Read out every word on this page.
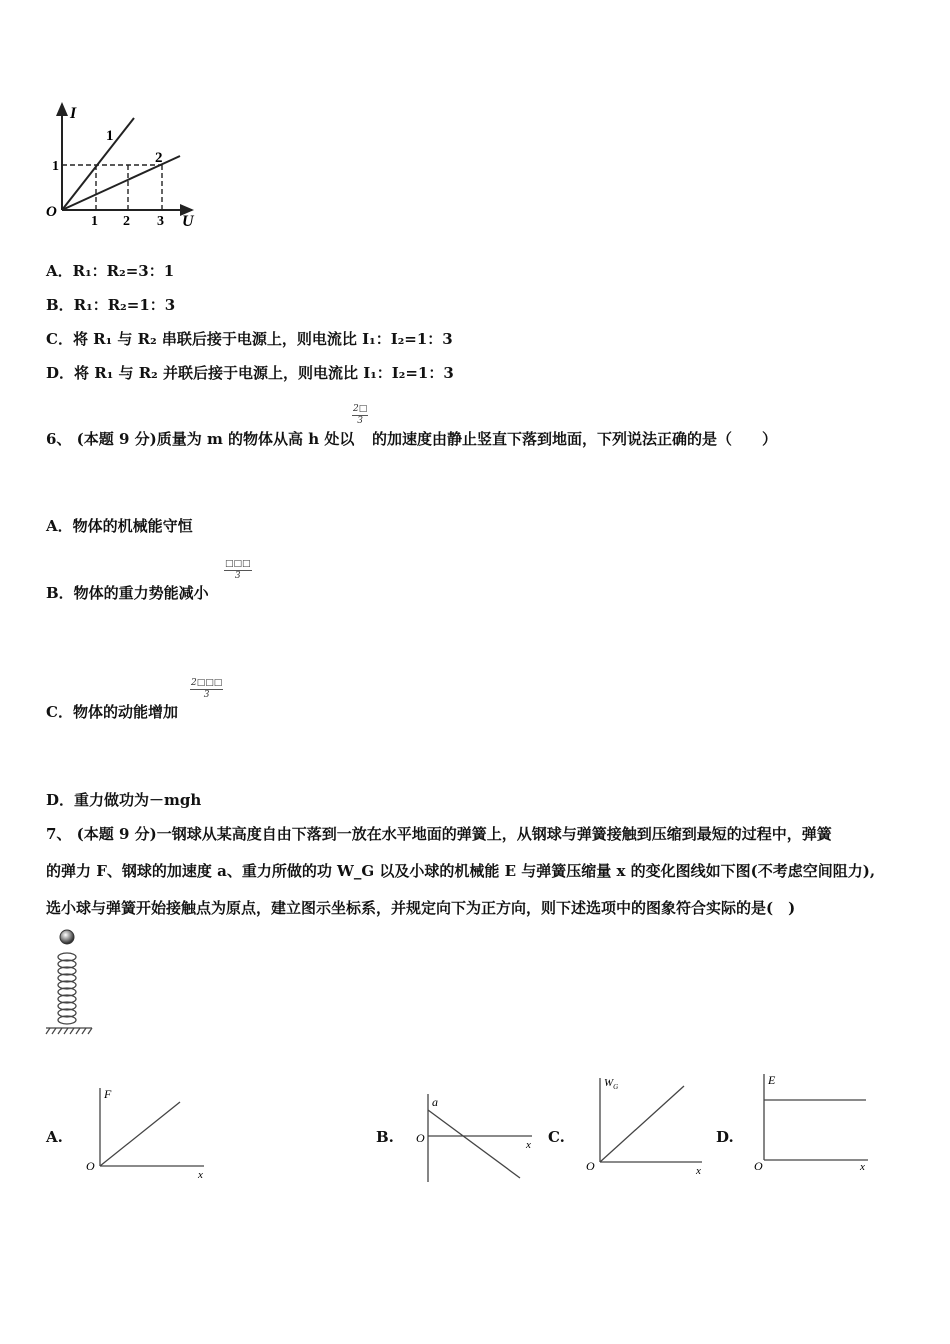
I
U
O
1
2
1
1 2 3
A．R₁：R₂=3：1
B．R₁：R₂=1：3
C．将 R₁ 与 R₂ 串联后接于电源上，则电流比 I₁：I₂=1：3
D．将 R₁ 与 R₂ 并联后接于电源上，则电流比 I₁：I₂=1：3
6、 (本题 9 分)质量为 m 的物体从高 h 处以
$\frac{2□}{3}$
的加速度由静止竖直下落到地面，下列说法正确的是（　　）
A．物体的机械能守恒
B．物体的重力势能减小
□□□
3
C．物体的动能增加
$\frac{2□□□}{3}$
D．重力做功为－mgh
7、 (本题 9 分)一钢球从某高度自由下落到一放在水平地面的弹簧上，从钢球与弹簧接触到压缩到最短的过程中，弹簧
的弹力 F、钢球的加速度 a、重力所做的功 W_G 以及小球的机械能 E 与弹簧压缩量 x 的变化图线如下图(不考虑空间阻力),
选小球与弹簧开始接触点为原点，建立图示坐标系，并规定向下为正方向，则下述选项中的图象符合实际的是(　)
A.
F
x
O
B.
a
x
O	C.
$W_G$
x
O
D.
E
x
O
